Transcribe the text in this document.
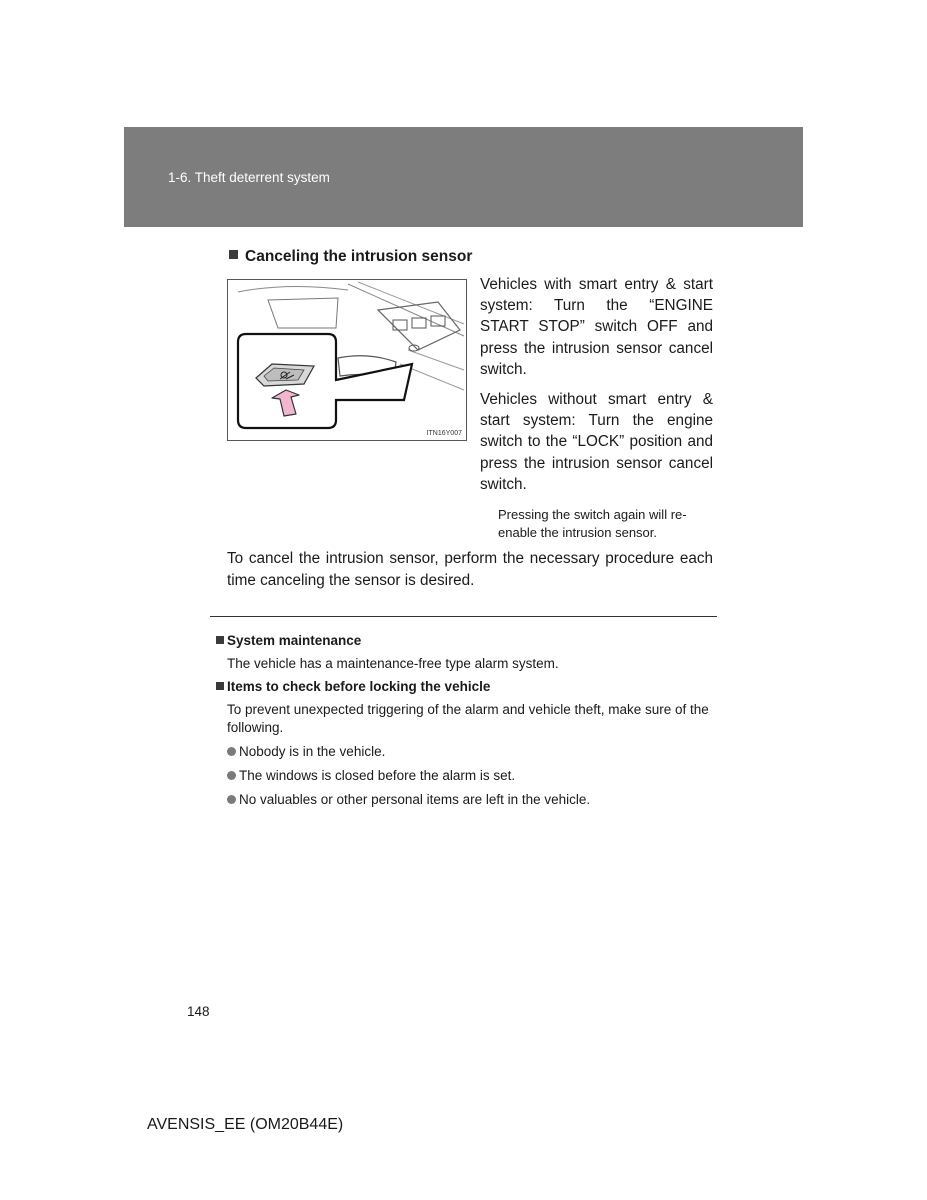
1-6. Theft deterrent system
Canceling the intrusion sensor
ITN16Y007

Vehicles with smart entry & start system: Turn the “ENGINE START STOP” switch OFF and press the intrusion sensor cancel switch.

Vehicles without smart entry & start system: Turn the engine switch to the “LOCK” position and press the intrusion sensor cancel switch.

Pressing the switch again will re-enable the intrusion sensor.
To cancel the intrusion sensor, perform the necessary procedure each time canceling the sensor is desired.
System maintenance
The vehicle has a maintenance-free type alarm system.
Items to check before locking the vehicle
To prevent unexpected triggering of the alarm and vehicle theft, make sure of the following.
Nobody is in the vehicle.
The windows is closed before the alarm is set.
No valuables or other personal items are left in the vehicle.
148
AVENSIS_EE (OM20B44E)
